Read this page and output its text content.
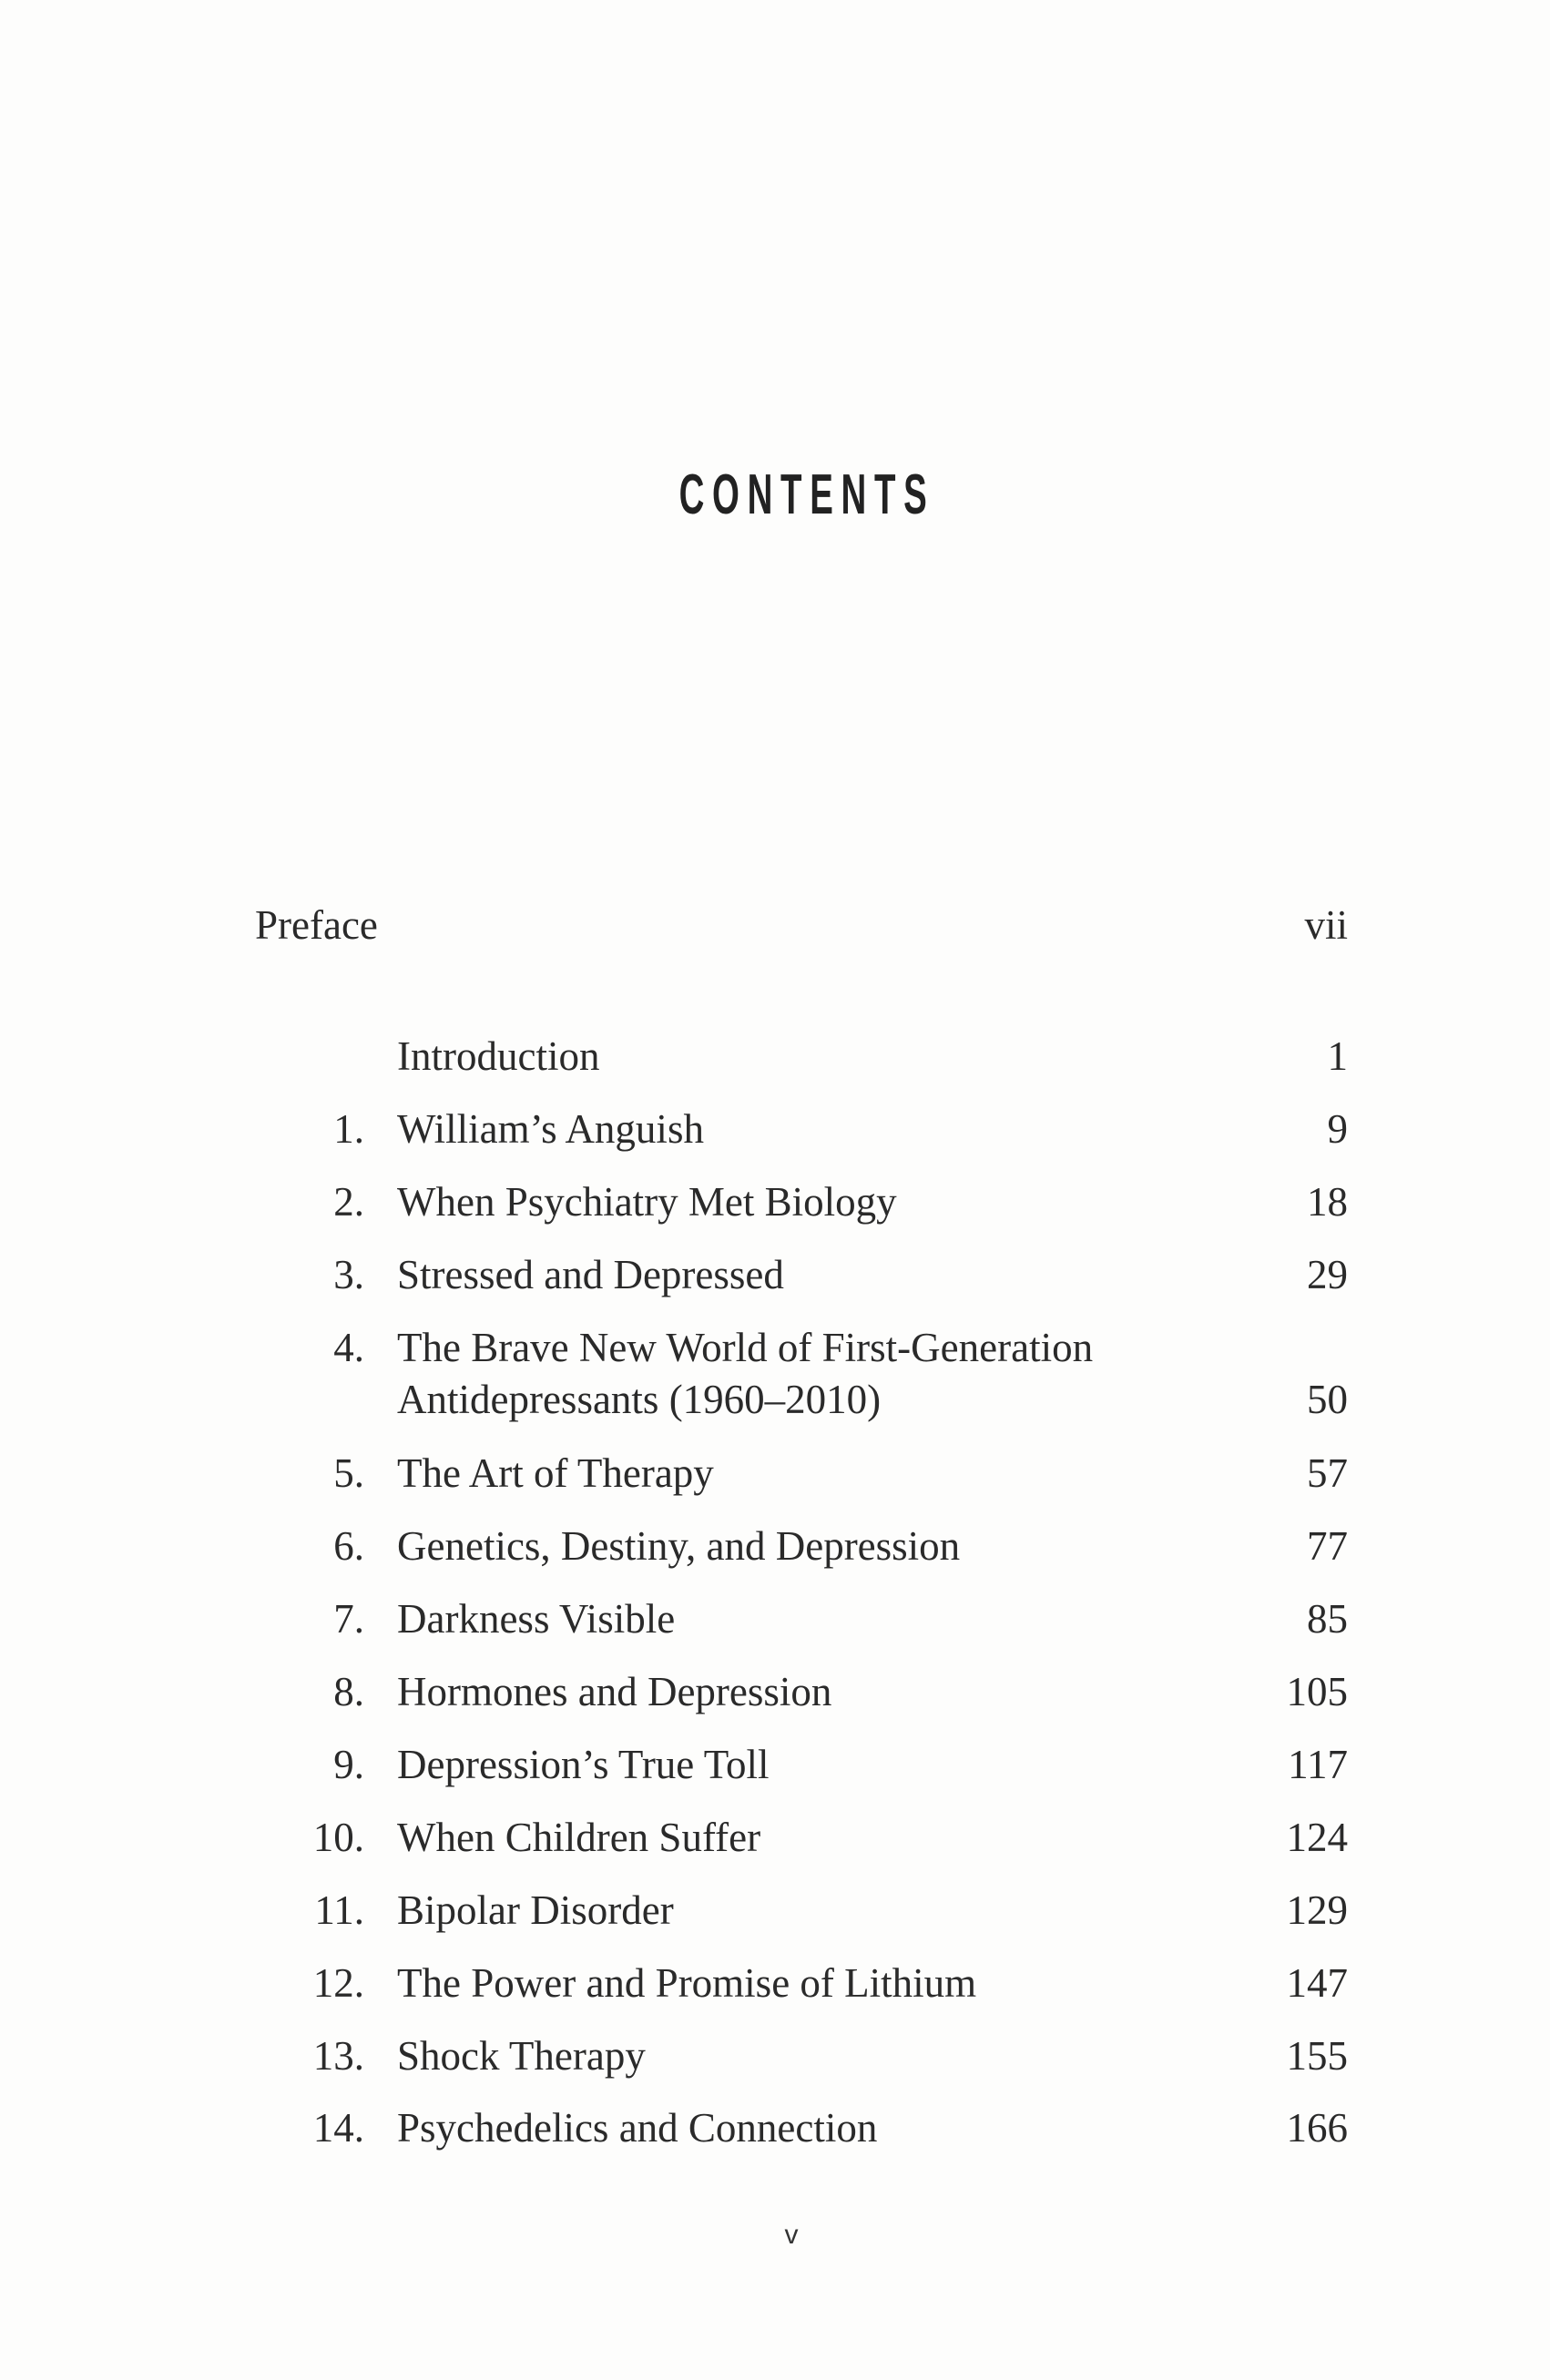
CONTENTS
Preface	vii
Introduction	1
1. William’s Anguish	9
2. When Psychiatry Met Biology	18
3. Stressed and Depressed	29
4. The Brave New World of First-Generation
Antidepressants (1960–2010)	50
5. The Art of Therapy	57
6. Genetics, Destiny, and Depression	77
7. Darkness Visible	85
8. Hormones and Depression	105
9. Depression’s True Toll	117
10. When Children Suffer	124
11. Bipolar Disorder	129
12. The Power and Promise of Lithium	147
13. Shock Therapy	155
14. Psychedelics and Connection	166
v
